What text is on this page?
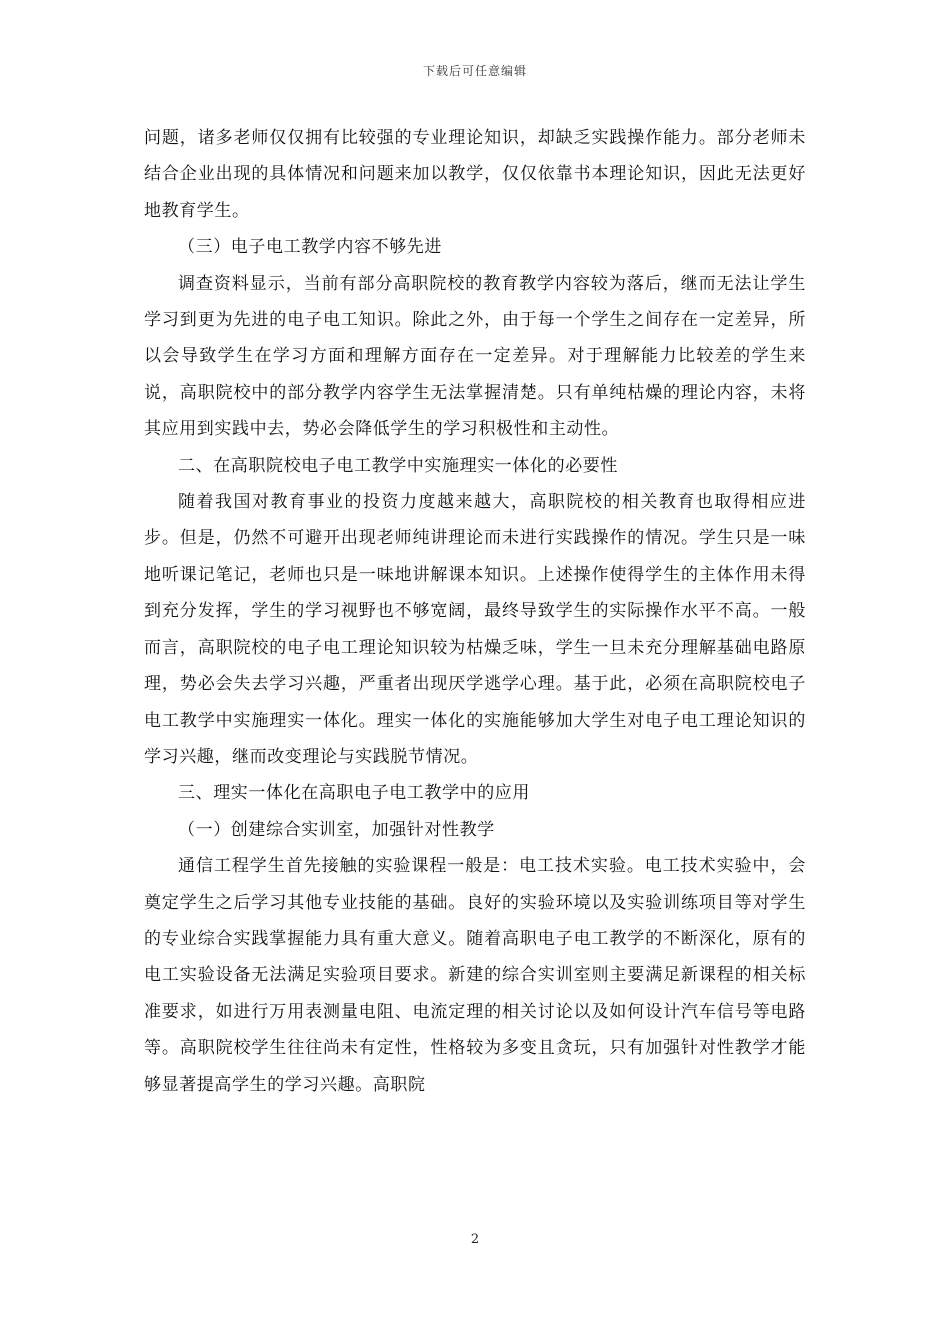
下载后可任意编辑

问题，诸多老师仅仅拥有比较强的专业理论知识，却缺乏实践操作能力。部分老师未结合企业出现的具体情况和问题来加以教学，仅仅依靠书本理论知识，因此无法更好地教育学生。

（三）电子电工教学内容不够先进

调查资料显示，当前有部分高职院校的教育教学内容较为落后，继而无法让学生学习到更为先进的电子电工知识。除此之外，由于每一个学生之间存在一定差异，所以会导致学生在学习方面和理解方面存在一定差异。对于理解能力比较差的学生来说，高职院校中的部分教学内容学生无法掌握清楚。只有单纯枯燥的理论内容，未将其应用到实践中去，势必会降低学生的学习积极性和主动性。

二、在高职院校电子电工教学中实施理实一体化的必要性

随着我国对教育事业的投资力度越来越大，高职院校的相关教育也取得相应进步。但是，仍然不可避开出现老师纯讲理论而未进行实践操作的情况。学生只是一味地听课记笔记，老师也只是一味地讲解课本知识。上述操作使得学生的主体作用未得到充分发挥，学生的学习视野也不够宽阔，最终导致学生的实际操作水平不高。一般而言，高职院校的电子电工理论知识较为枯燥乏味，学生一旦未充分理解基础电路原理，势必会失去学习兴趣，严重者出现厌学逃学心理。基于此，必须在高职院校电子电工教学中实施理实一体化。理实一体化的实施能够加大学生对电子电工理论知识的学习兴趣，继而改变理论与实践脱节情况。

三、理实一体化在高职电子电工教学中的应用

（一）创建综合实训室，加强针对性教学

通信工程学生首先接触的实验课程一般是：电工技术实验。电工技术实验中，会奠定学生之后学习其他专业技能的基础。良好的实验环境以及实验训练项目等对学生的专业综合实践掌握能力具有重大意义。随着高职电子电工教学的不断深化，原有的电工实验设备无法满足实验项目要求。新建的综合实训室则主要满足新课程的相关标准要求，如进行万用表测量电阻、电流定理的相关讨论以及如何设计汽车信号等电路等。高职院校学生往往尚未有定性，性格较为多变且贪玩，只有加强针对性教学才能够显著提高学生的学习兴趣。高职院

2
